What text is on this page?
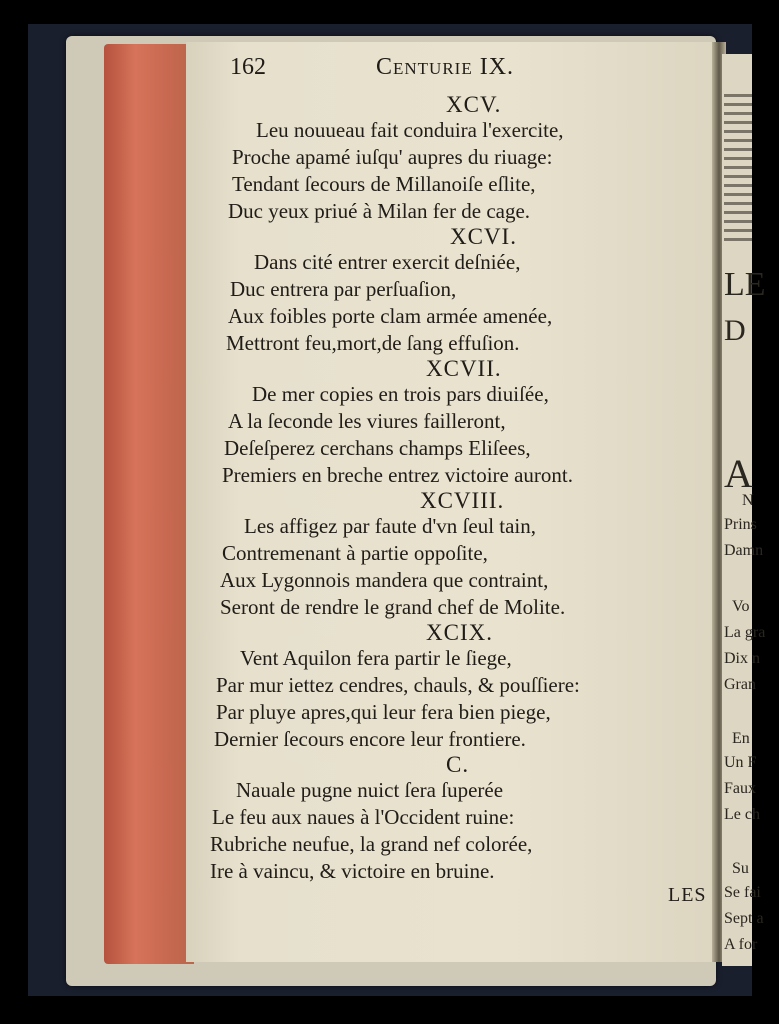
LE
D
A
N
Prins
Damn
Vo
La gra
Dix n
Gran
En
Un F
Faux
Le ch
Su
Se fai
Sept a
A for
162	Centurie IX.
XCV.
Leu nouueau fait conduira l'exercite,
Proche apamé iuſqu' aupres du riuage:
Tendant ſecours de Millanoiſe eſlite,
Duc yeux priué à Milan fer de cage.
XCVI.
Dans cité entrer exercit deſniée,
Duc entrera par perſuaſion,
Aux foibles porte clam armée amenée,
Mettront feu,mort,de ſang effuſion.
XCVII.
De mer copies en trois pars diuiſée,
A la ſeconde les viures failleront,
Deſeſperez cerchans champs Eliſees,
Premiers en breche entrez victoire auront.
XCVIII.
Les affigez par faute d'vn ſeul tain,
Contremenant à partie oppoſite,
Aux Lygonnois mandera que contraint,
Seront de rendre le grand chef de Molite.
XCIX.
Vent Aquilon fera partir le ſiege,
Par mur iettez cendres, chauls, & pouſſiere:
Par pluye apres,qui leur fera bien piege,
Dernier ſecours encore leur frontiere.
C.
Nauale pugne nuict ſera ſuperée
Le feu aux naues à l'Occident ruine:
Rubriche neufue, la grand nef colorée,
Ire à vaincu, & victoire en bruine.
LES
